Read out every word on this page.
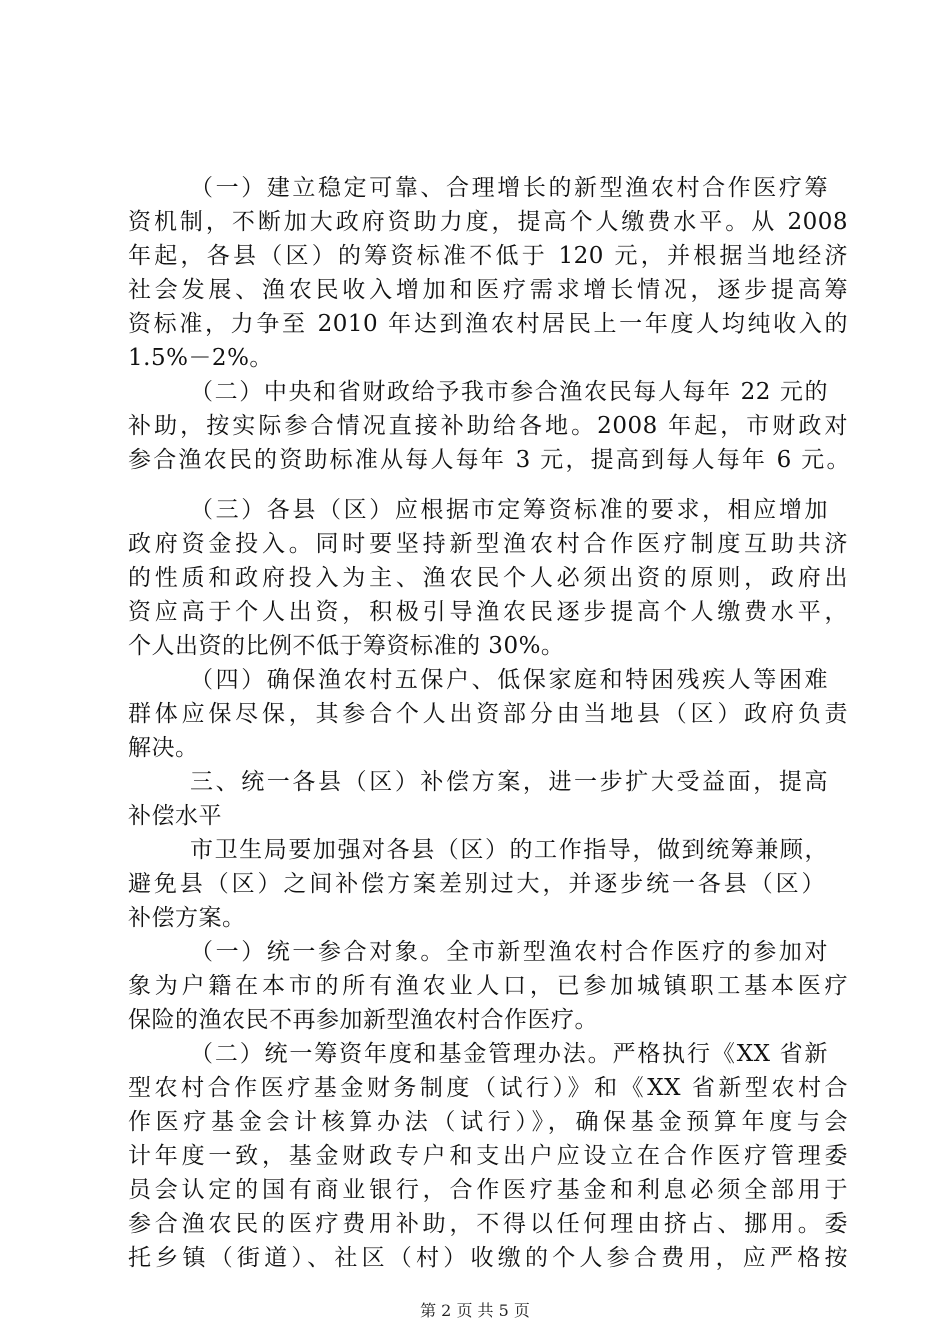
（一）建立稳定可靠、合理增长的新型渔农村合作医疗筹
资机制，不断加大政府资助力度，提高个人缴费水平。从 2008
年起，各县（区）的筹资标准不低于 120 元，并根据当地经济
社会发展、渔农民收入增加和医疗需求增长情况，逐步提高筹
资标准，力争至 2010 年达到渔农村居民上一年度人均纯收入的
1.5%－2%。
（二）中央和省财政给予我市参合渔农民每人每年 22 元的
补助，按实际参合情况直接补助给各地。2008 年起，市财政对
参合渔农民的资助标准从每人每年 3 元，提高到每人每年 6 元。
（三）各县（区）应根据市定筹资标准的要求，相应增加
政府资金投入。同时要坚持新型渔农村合作医疗制度互助共济
的性质和政府投入为主、渔农民个人必须出资的原则，政府出
资应高于个人出资，积极引导渔农民逐步提高个人缴费水平，
个人出资的比例不低于筹资标准的 30%。
（四）确保渔农村五保户、低保家庭和特困残疾人等困难
群体应保尽保，其参合个人出资部分由当地县（区）政府负责
解决。
三、统一各县（区）补偿方案，进一步扩大受益面，提高
补偿水平
市卫生局要加强对各县（区）的工作指导，做到统筹兼顾，
避免县（区）之间补偿方案差别过大，并逐步统一各县（区）
补偿方案。
（一）统一参合对象。全市新型渔农村合作医疗的参加对
象为户籍在本市的所有渔农业人口，已参加城镇职工基本医疗
保险的渔农民不再参加新型渔农村合作医疗。
（二）统一筹资年度和基金管理办法。严格执行《XX 省新
型农村合作医疗基金财务制度（试行）》和《XX 省新型农村合
作医疗基金会计核算办法（试行）》，确保基金预算年度与会
计年度一致，基金财政专户和支出户应设立在合作医疗管理委
员会认定的国有商业银行，合作医疗基金和利息必须全部用于
参合渔农民的医疗费用补助，不得以任何理由挤占、挪用。委
托乡镇（街道）、社区（村）收缴的个人参合费用，应严格按
第 2 页 共 5 页
